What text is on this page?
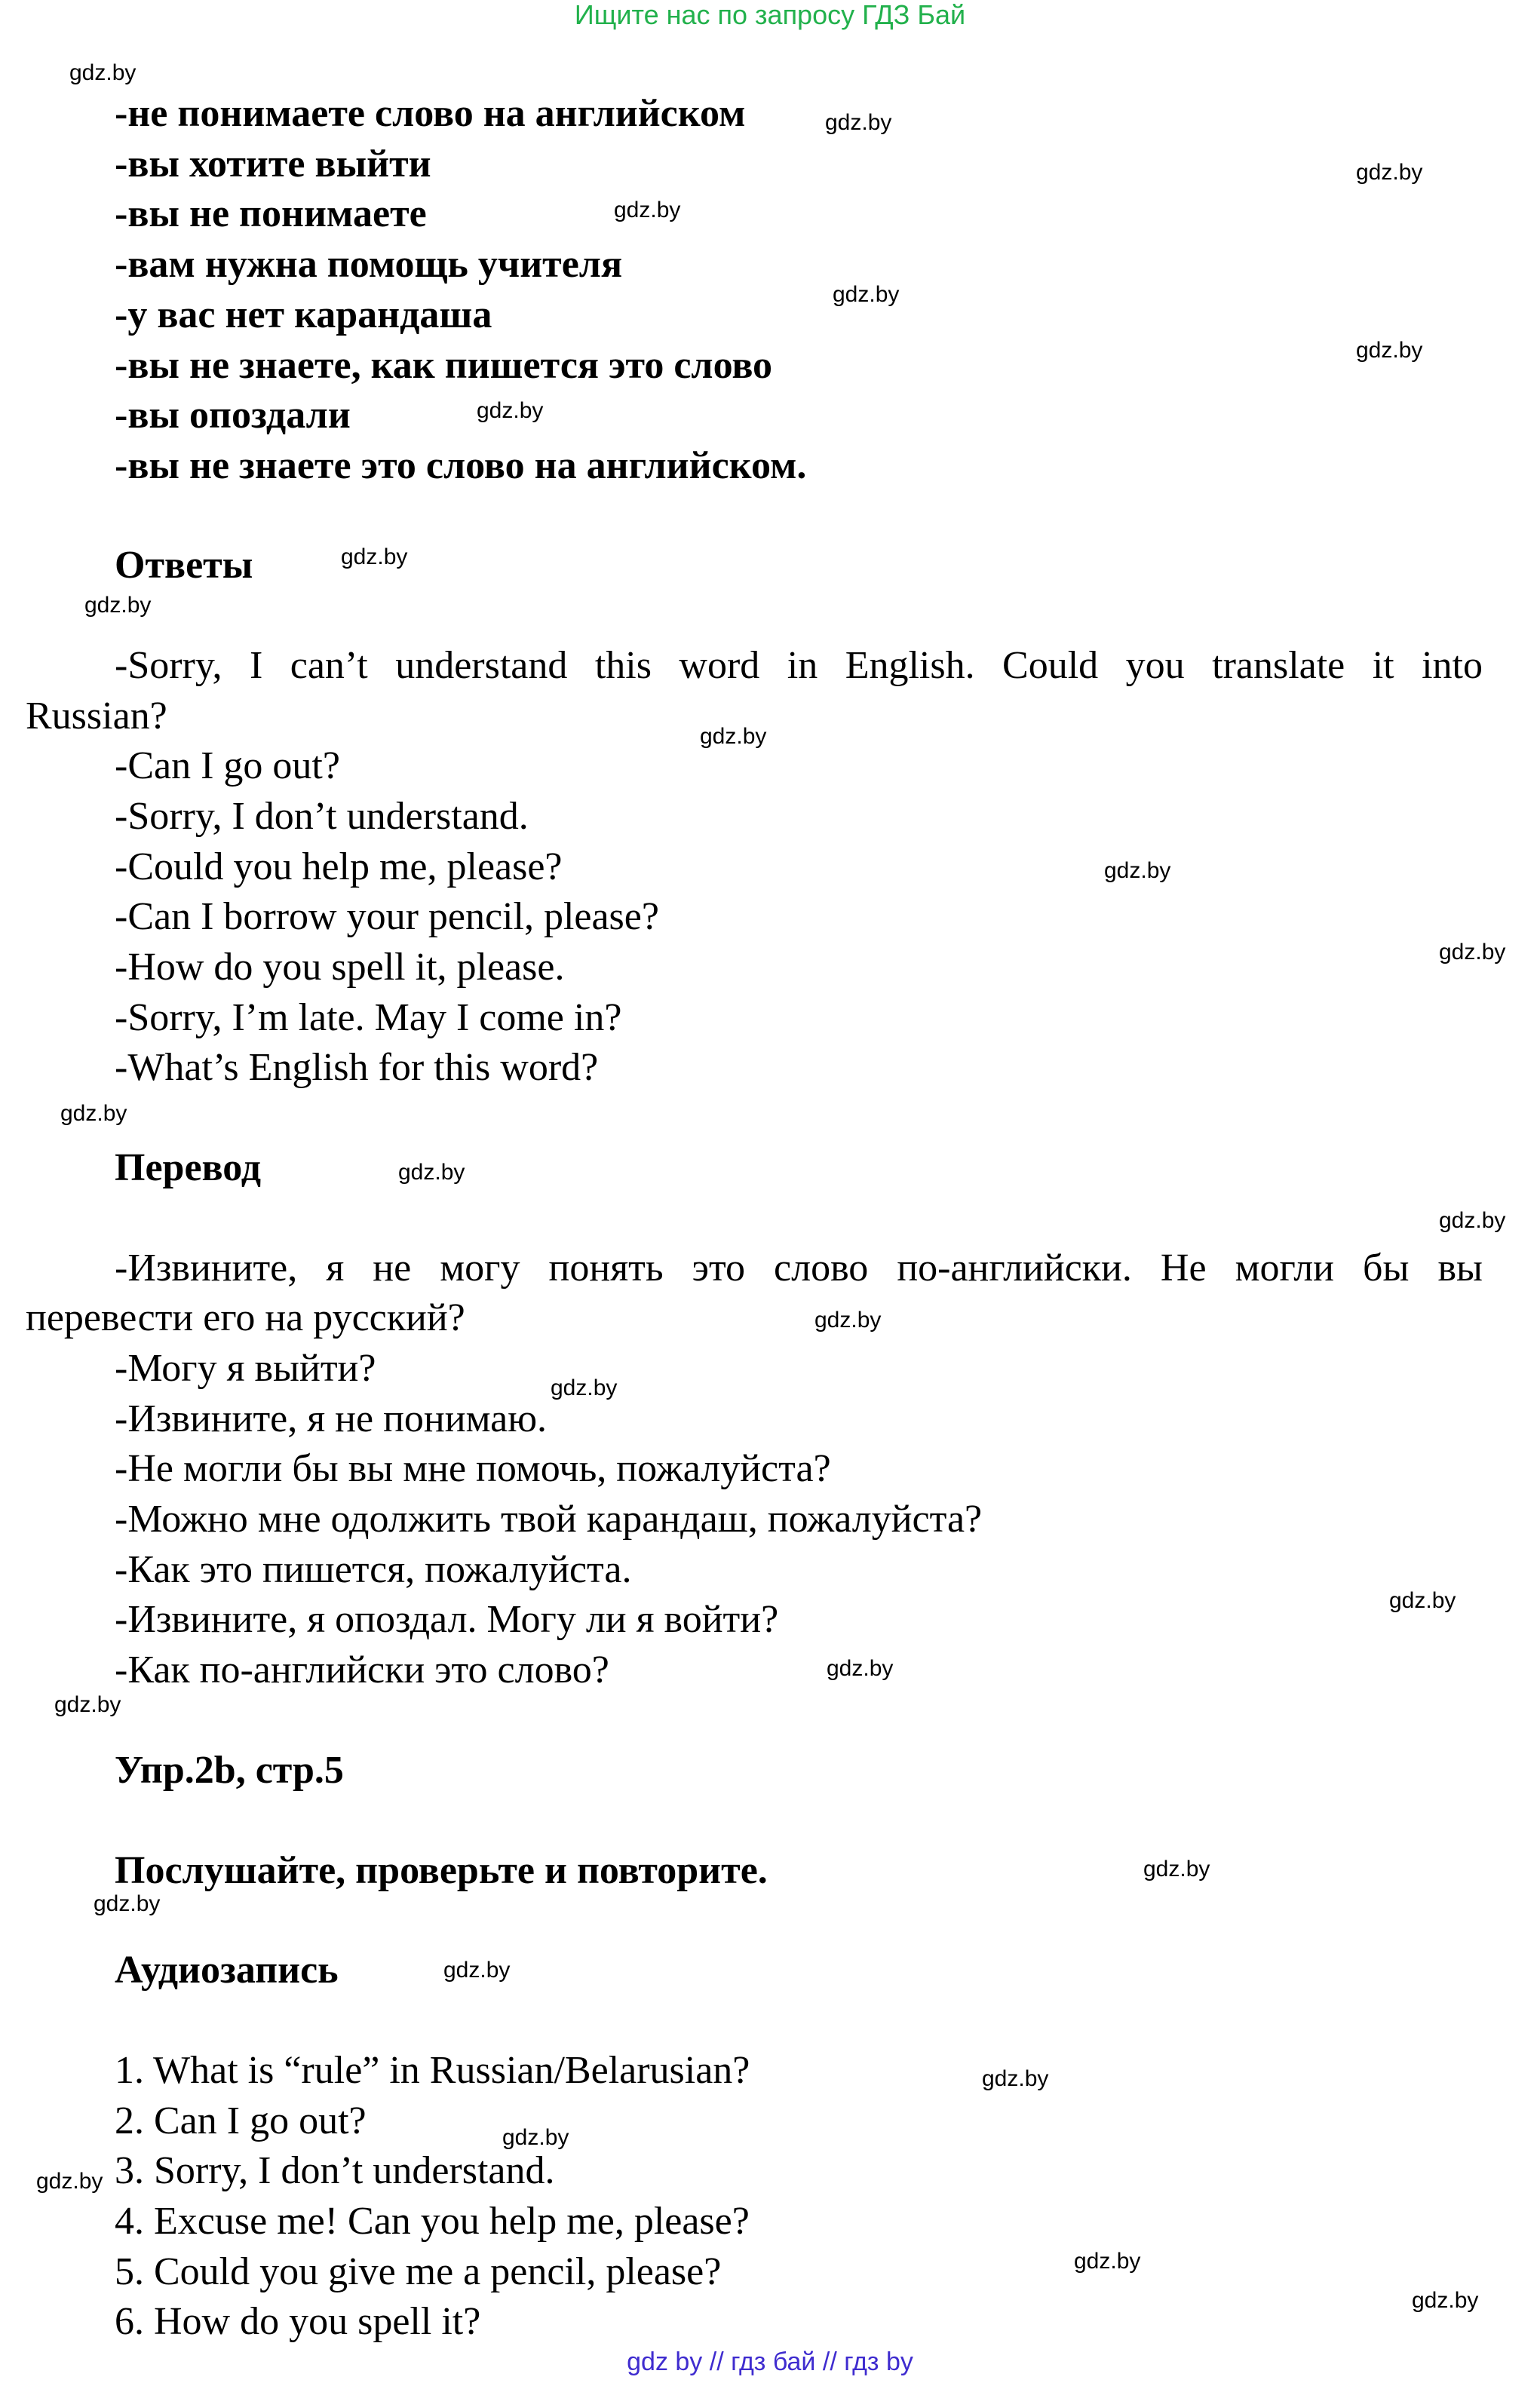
Ищите нас по запросу ГДЗ Бай
-не понимаете слово на английском
-вы хотите выйти
-вы не понимаете
-вам нужна помощь учителя
-у вас нет карандаша
-вы не знаете, как пишется это слово
-вы опоздали
-вы не знаете это слово на английском.
Ответы
-Sorry, I can’t understand this word in English. Could you translate it into
Russian?
-Can I go out?
-Sorry, I don’t understand.
-Could you help me, please?
-Can I borrow your pencil, please?
-How do you spell it, please.
-Sorry, I’m late. May I come in?
-What’s English for this word?
Перевод
-Извините, я не могу понять это слово по-английски. Не могли бы вы
перевести его на русский?
-Могу я выйти?
-Извините, я не понимаю.
-Не могли бы вы мне помочь, пожалуйста?
-Можно мне одолжить твой карандаш, пожалуйста?
-Как это пишется, пожалуйста.
-Извините, я опоздал. Могу ли я войти?
-Как по-английски это слово?
Упр.2b, стр.5
Послушайте, проверьте и повторите.
Аудиозапись
1. What is “rule” in Russian/Belarusian?
2. Can I go out?
3. Sorry, I don’t understand.
4. Excuse me! Can you help me, please?
5. Could you give me a pencil, please?
6. How do you spell it?
gdz.by
gdz.by
gdz.by
gdz.by
gdz.by
gdz.by
gdz.by
gdz.by
gdz.by
gdz.by
gdz.by
gdz.by
gdz.by
gdz.by
gdz.by
gdz.by
gdz.by
gdz.by
gdz.by
gdz.by
gdz.by
gdz.by
gdz.by
gdz.by
gdz.by
gdz.by
gdz.by
gdz.by
gdz by // гдз бай // гдз by
